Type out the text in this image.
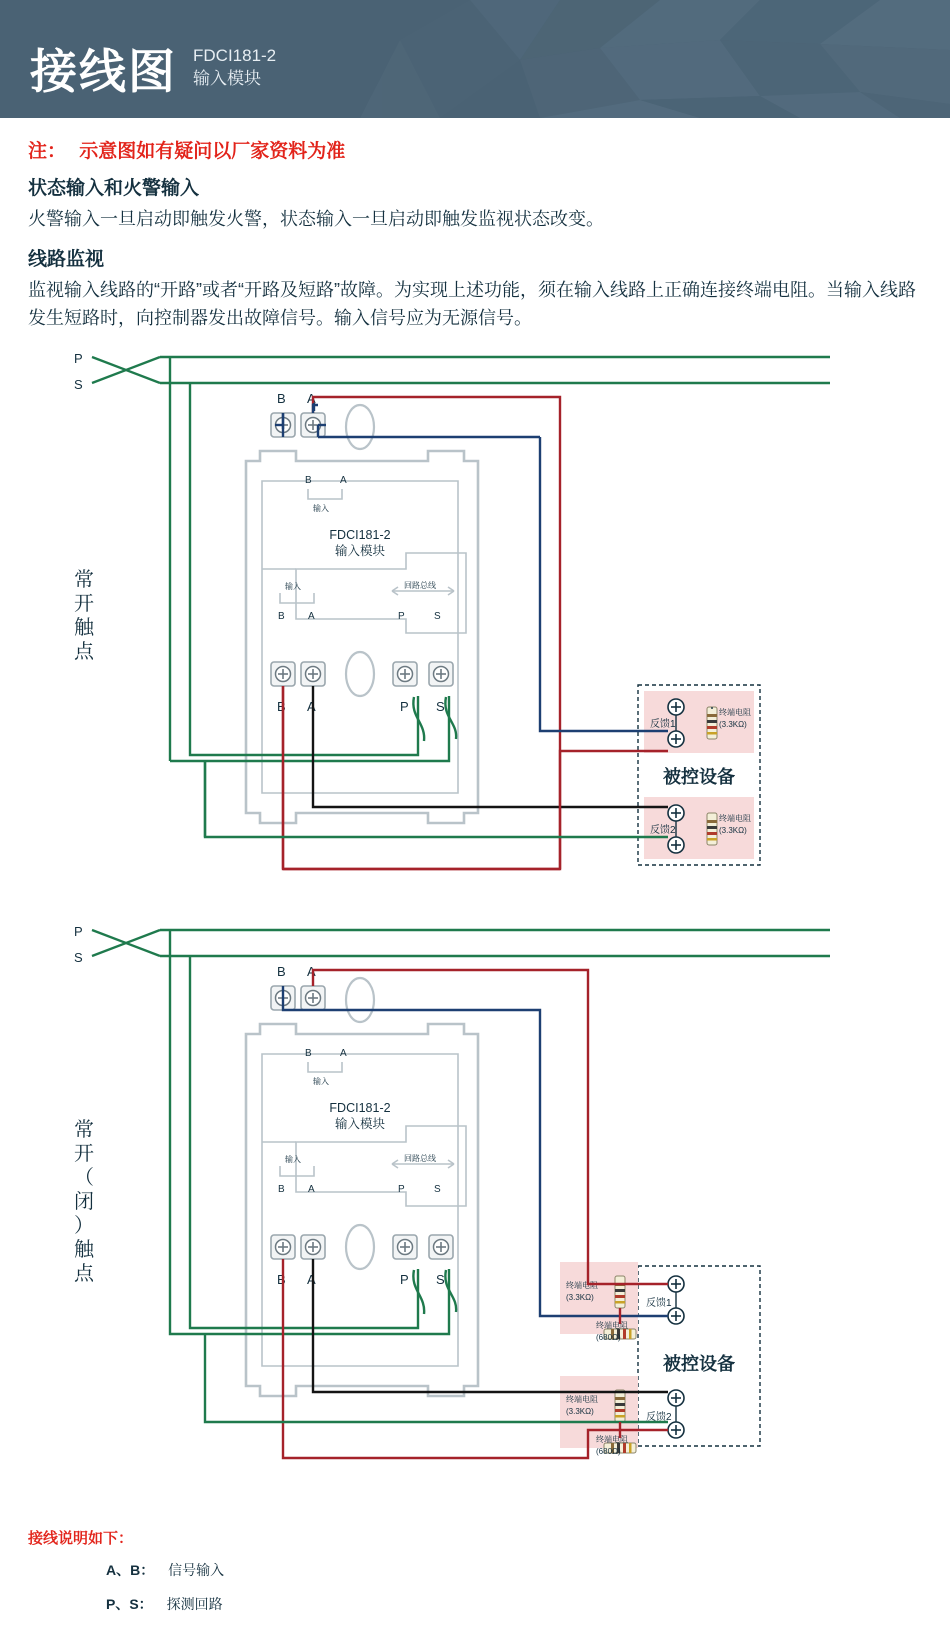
接线图 FDCI181-2
输入模块
注： 示意图如有疑问以厂家资料为准
状态输入和火警输入

火警输入一旦启动即触发火警，状态输入一旦启动即触发监视状态改变。

线路监视

监视输入线路的“开路”或者“开路及短路”故障。为实现上述功能，须在输入线路上正确连接终端电阻。当输入线路发生短路时，向控制器发出故障信号。输入信号应为无源信号。

P
S
B A
B	A
输入
FDCI181-2
输入模块
输入
B A
回路总线
P	S
B A	P S
常开触点
反馈1
反馈2
终端电阻
(3.3KΩ)
终端电阻
(3.3KΩ)
被控设备
P
S
B A
B	A
输入
FDCI181-2
输入模块
输入
B A
回路总线
P	S
B A	P S
常开（闭）触点
反馈1
反馈2
终端电阻
(3.3KΩ)
终端电阻
(680Ω)
终端电阻
(3.3KΩ)
终端电阻
(680Ω)
被控设备
接线说明如下：
A、B： 信号输入
P、S： 探测回路
